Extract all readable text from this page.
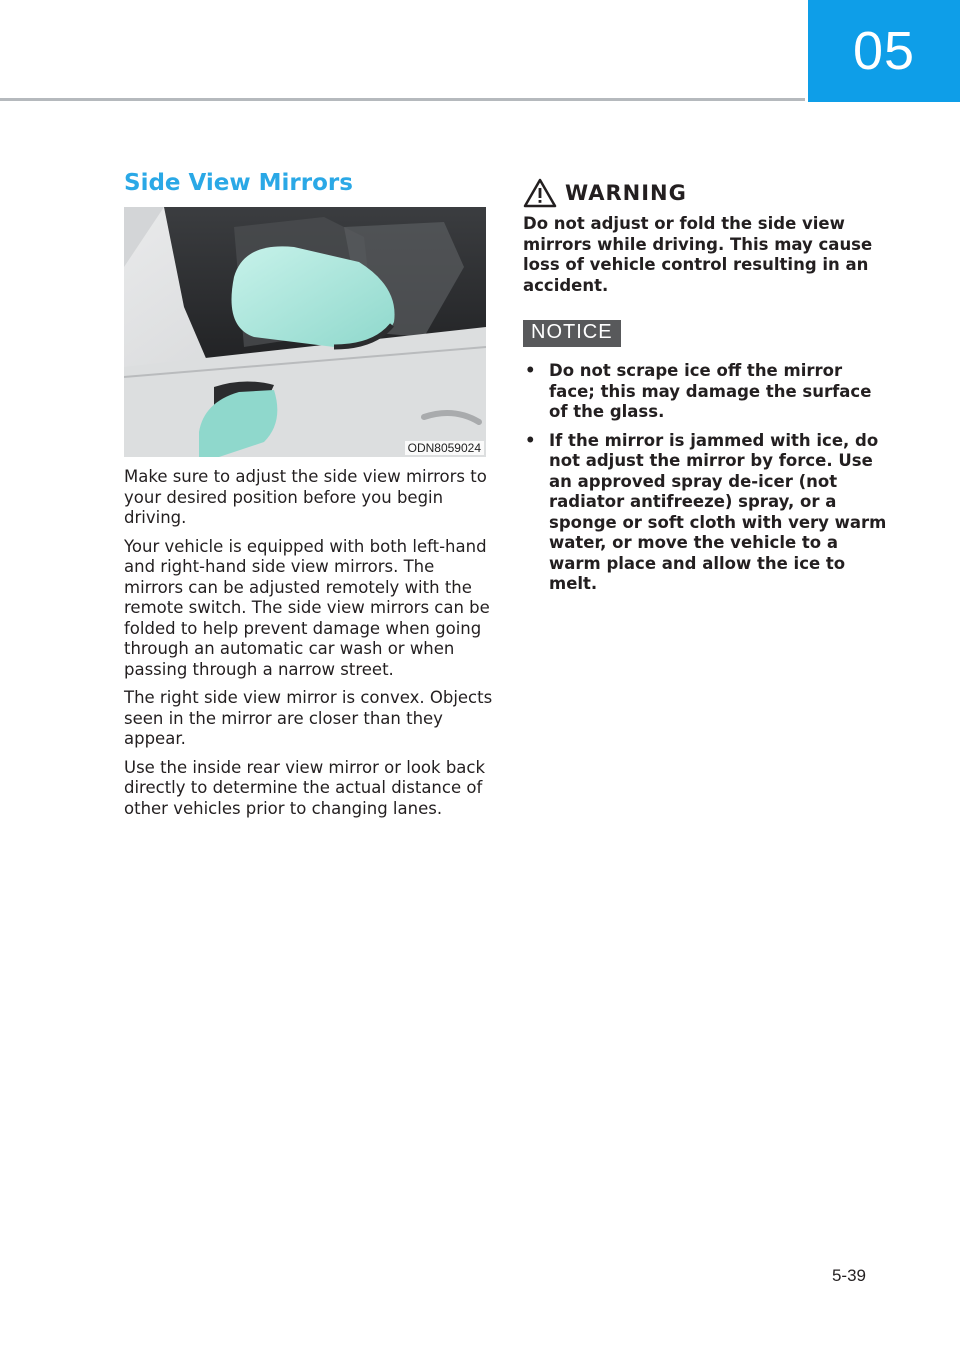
05
Side View Mirrors
ODN8059024

Make sure to adjust the side view mirrors to your desired position before you begin driving.

Your vehicle is equipped with both left-hand and right-hand side view mirrors. The mirrors can be adjusted remotely with the remote switch. The side view mirrors can be folded to help prevent damage when going through an automatic car wash or when passing through a narrow street.

The right side view mirror is convex. Objects seen in the mirror are closer than they appear.

Use the inside rear view mirror or look back directly to determine the actual distance of other vehicles prior to changing lanes.

WARNING

Do not adjust or fold the side view mirrors while driving. This may cause loss of vehicle control resulting in an accident.

NOTICE
• Do not scrape ice off the mirror face; this may damage the surface of the glass.
• If the mirror is jammed with ice, do not adjust the mirror by force. Use an approved spray de-icer (not radiator antifreeze) spray, or a sponge or soft cloth with very warm water, or move the vehicle to a warm place and allow the ice to melt.
5-39
